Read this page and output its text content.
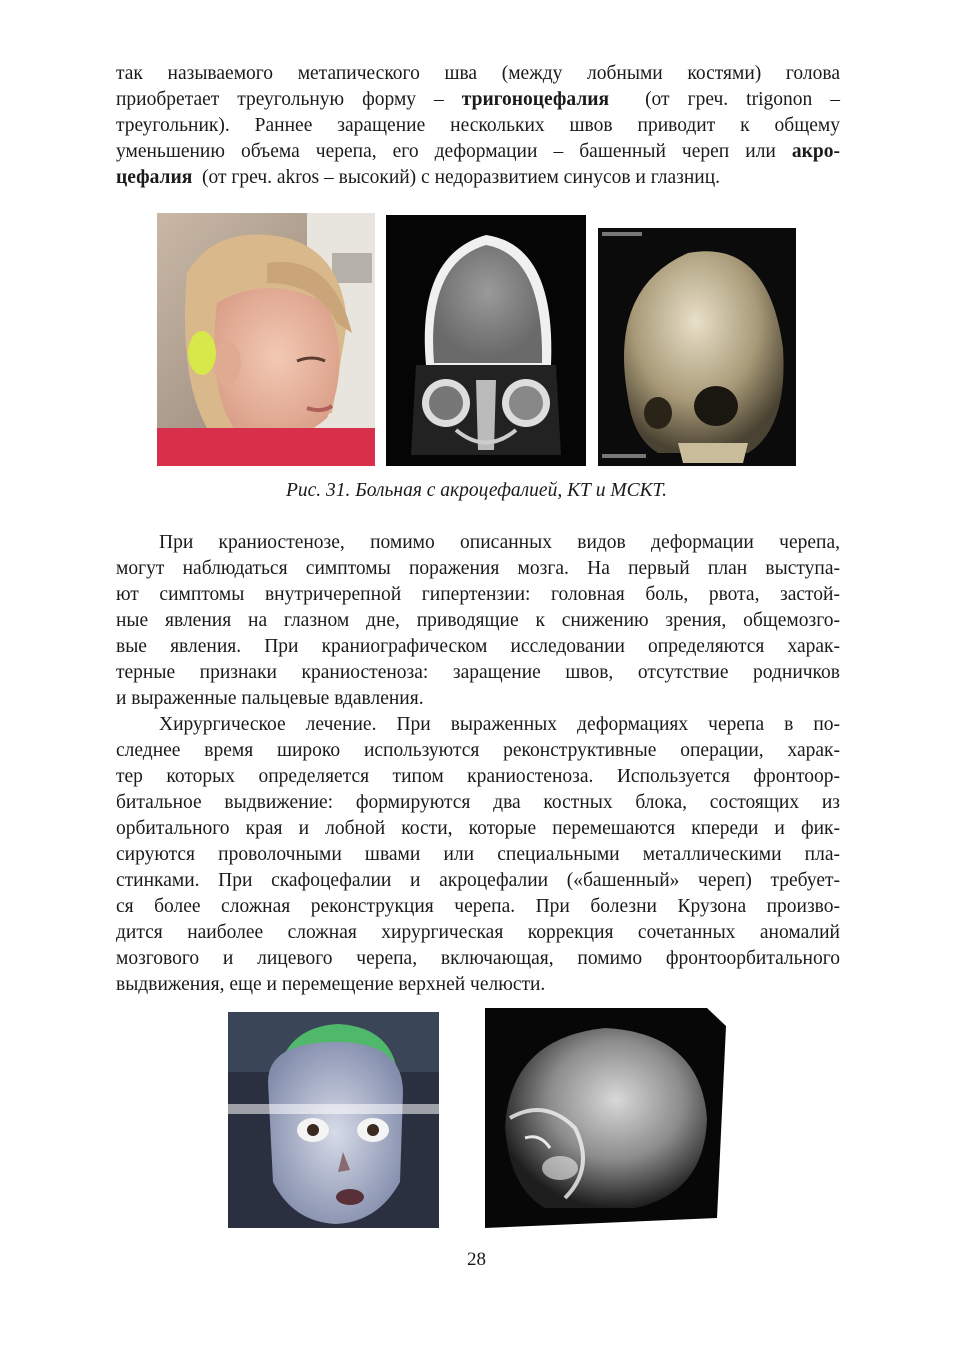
так называемого метапического шва (между лобными костями) голова
приобретает треугольную форму – тригоноцефалия (от греч. trigonon –
треугольник). Раннее заращение нескольких швов приводит к общему
уменьшению объема черепа, его деформации – башенный череп или акро-
цефалия (от греч. akros – высокий) с недоразвитием синусов и глазниц.
Рис. 31. Больная с акроцефалией, КТ и МСКТ.
При краниостенозе, помимо описанных видов деформации черепа,
могут наблюдаться симптомы поражения мозга. На первый план выступа-
ют симптомы внутричерепной гипертензии: головная боль, рвота, застой-
ные явления на глазном дне, приводящие к снижению зрения, общемозго-
вые явления. При краниографическом исследовании определяются харак-
терные признаки краниостеноза: заращение швов, отсутствие родничков
и выраженные пальцевые вдавления.
Хирургическое лечение. При выраженных деформациях черепа в по-
следнее время широко используются реконструктивные операции, харак-
тер которых определяется типом краниостеноза. Используется фронтоор-
битальное выдвижение: формируются два костных блока, состоящих из
орбитального края и лобной кости, которые перемешаются кпереди и фик-
сируются проволочными швами или специальными металлическими пла-
стинками. При скафоцефалии и акроцефалии («башенный» череп) требует-
ся более сложная реконструкция черепа. При болезни Крузона произво-
дится наиболее сложная хирургическая коррекция сочетанных аномалий
мозгового и лицевого черепа, включающая, помимо фронтоорбитального
выдвижения, еще и перемещение верхней челюсти.
28
